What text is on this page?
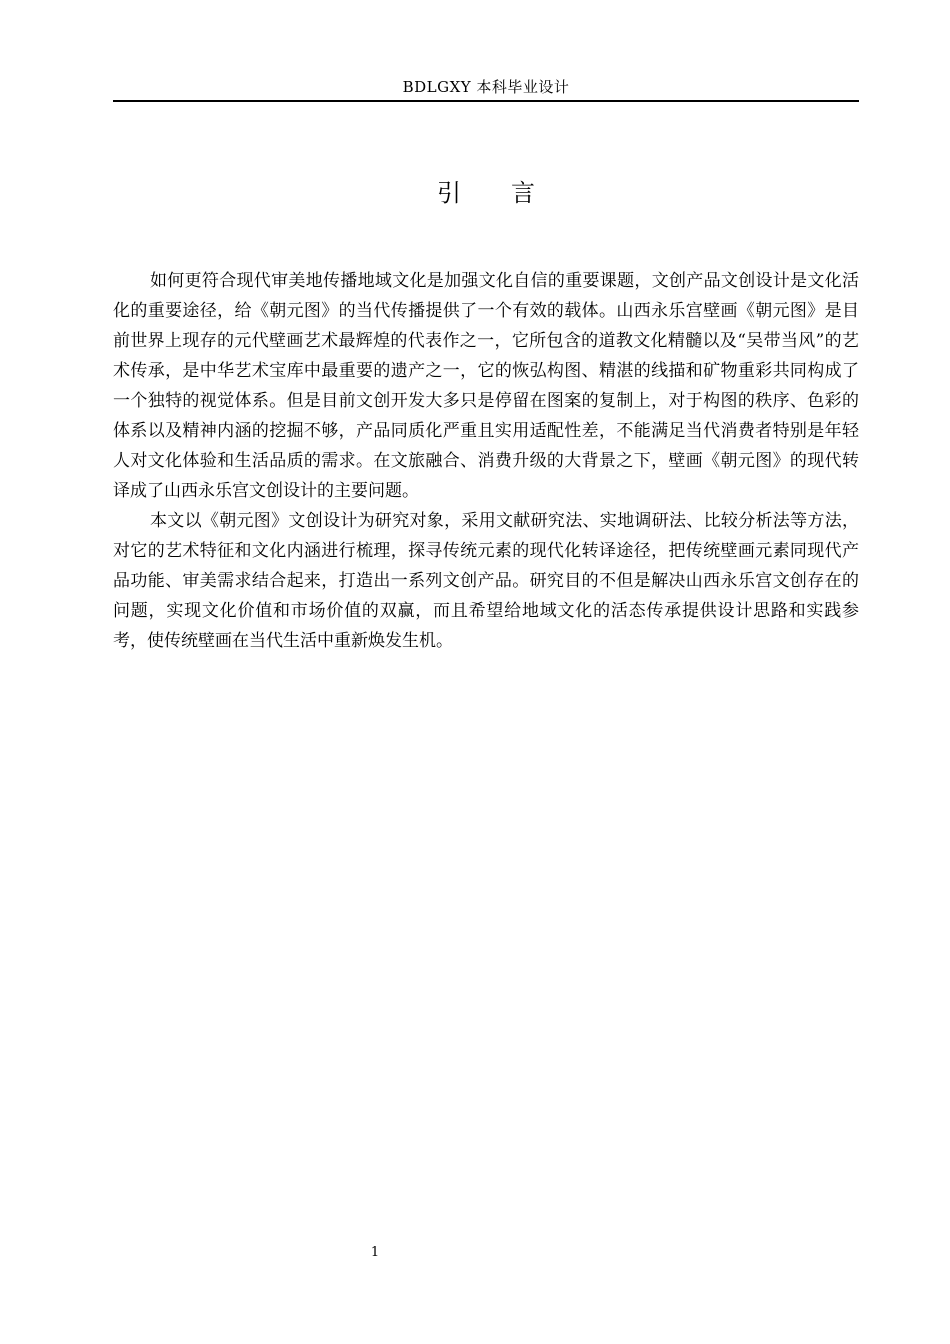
BDLGXY 本科毕业设计
引言

如何更符合现代审美地传播地域文化是加强文化自信的重要课题，文创产品文创设计是文化活化的重要途径，给《朝元图》的当代传播提供了一个有效的载体。山西永乐宫壁画《朝元图》是目前世界上现存的元代壁画艺术最辉煌的代表作之一，它所包含的道教文化精髓以及“吴带当风”的艺术传承，是中华艺术宝库中最重要的遗产之一，它的恢弘构图、精湛的线描和矿物重彩共同构成了一个独特的视觉体系。但是目前文创开发大多只是停留在图案的复制上，对于构图的秩序、色彩的体系以及精神内涵的挖掘不够，产品同质化严重且实用适配性差，不能满足当代消费者特别是年轻人对文化体验和生活品质的需求。在文旅融合、消费升级的大背景之下，壁画《朝元图》的现代转译成了山西永乐宫文创设计的主要问题。

本文以《朝元图》文创设计为研究对象，采用文献研究法、实地调研法、比较分析法等方法，对它的艺术特征和文化内涵进行梳理，探寻传统元素的现代化转译途径，把传统壁画元素同现代产品功能、审美需求结合起来，打造出一系列文创产品。研究目的不但是解决山西永乐宫文创存在的问题，实现文化价值和市场价值的双赢，而且希望给地域文化的活态传承提供设计思路和实践参考，使传统壁画在当代生活中重新焕发生机。

1
